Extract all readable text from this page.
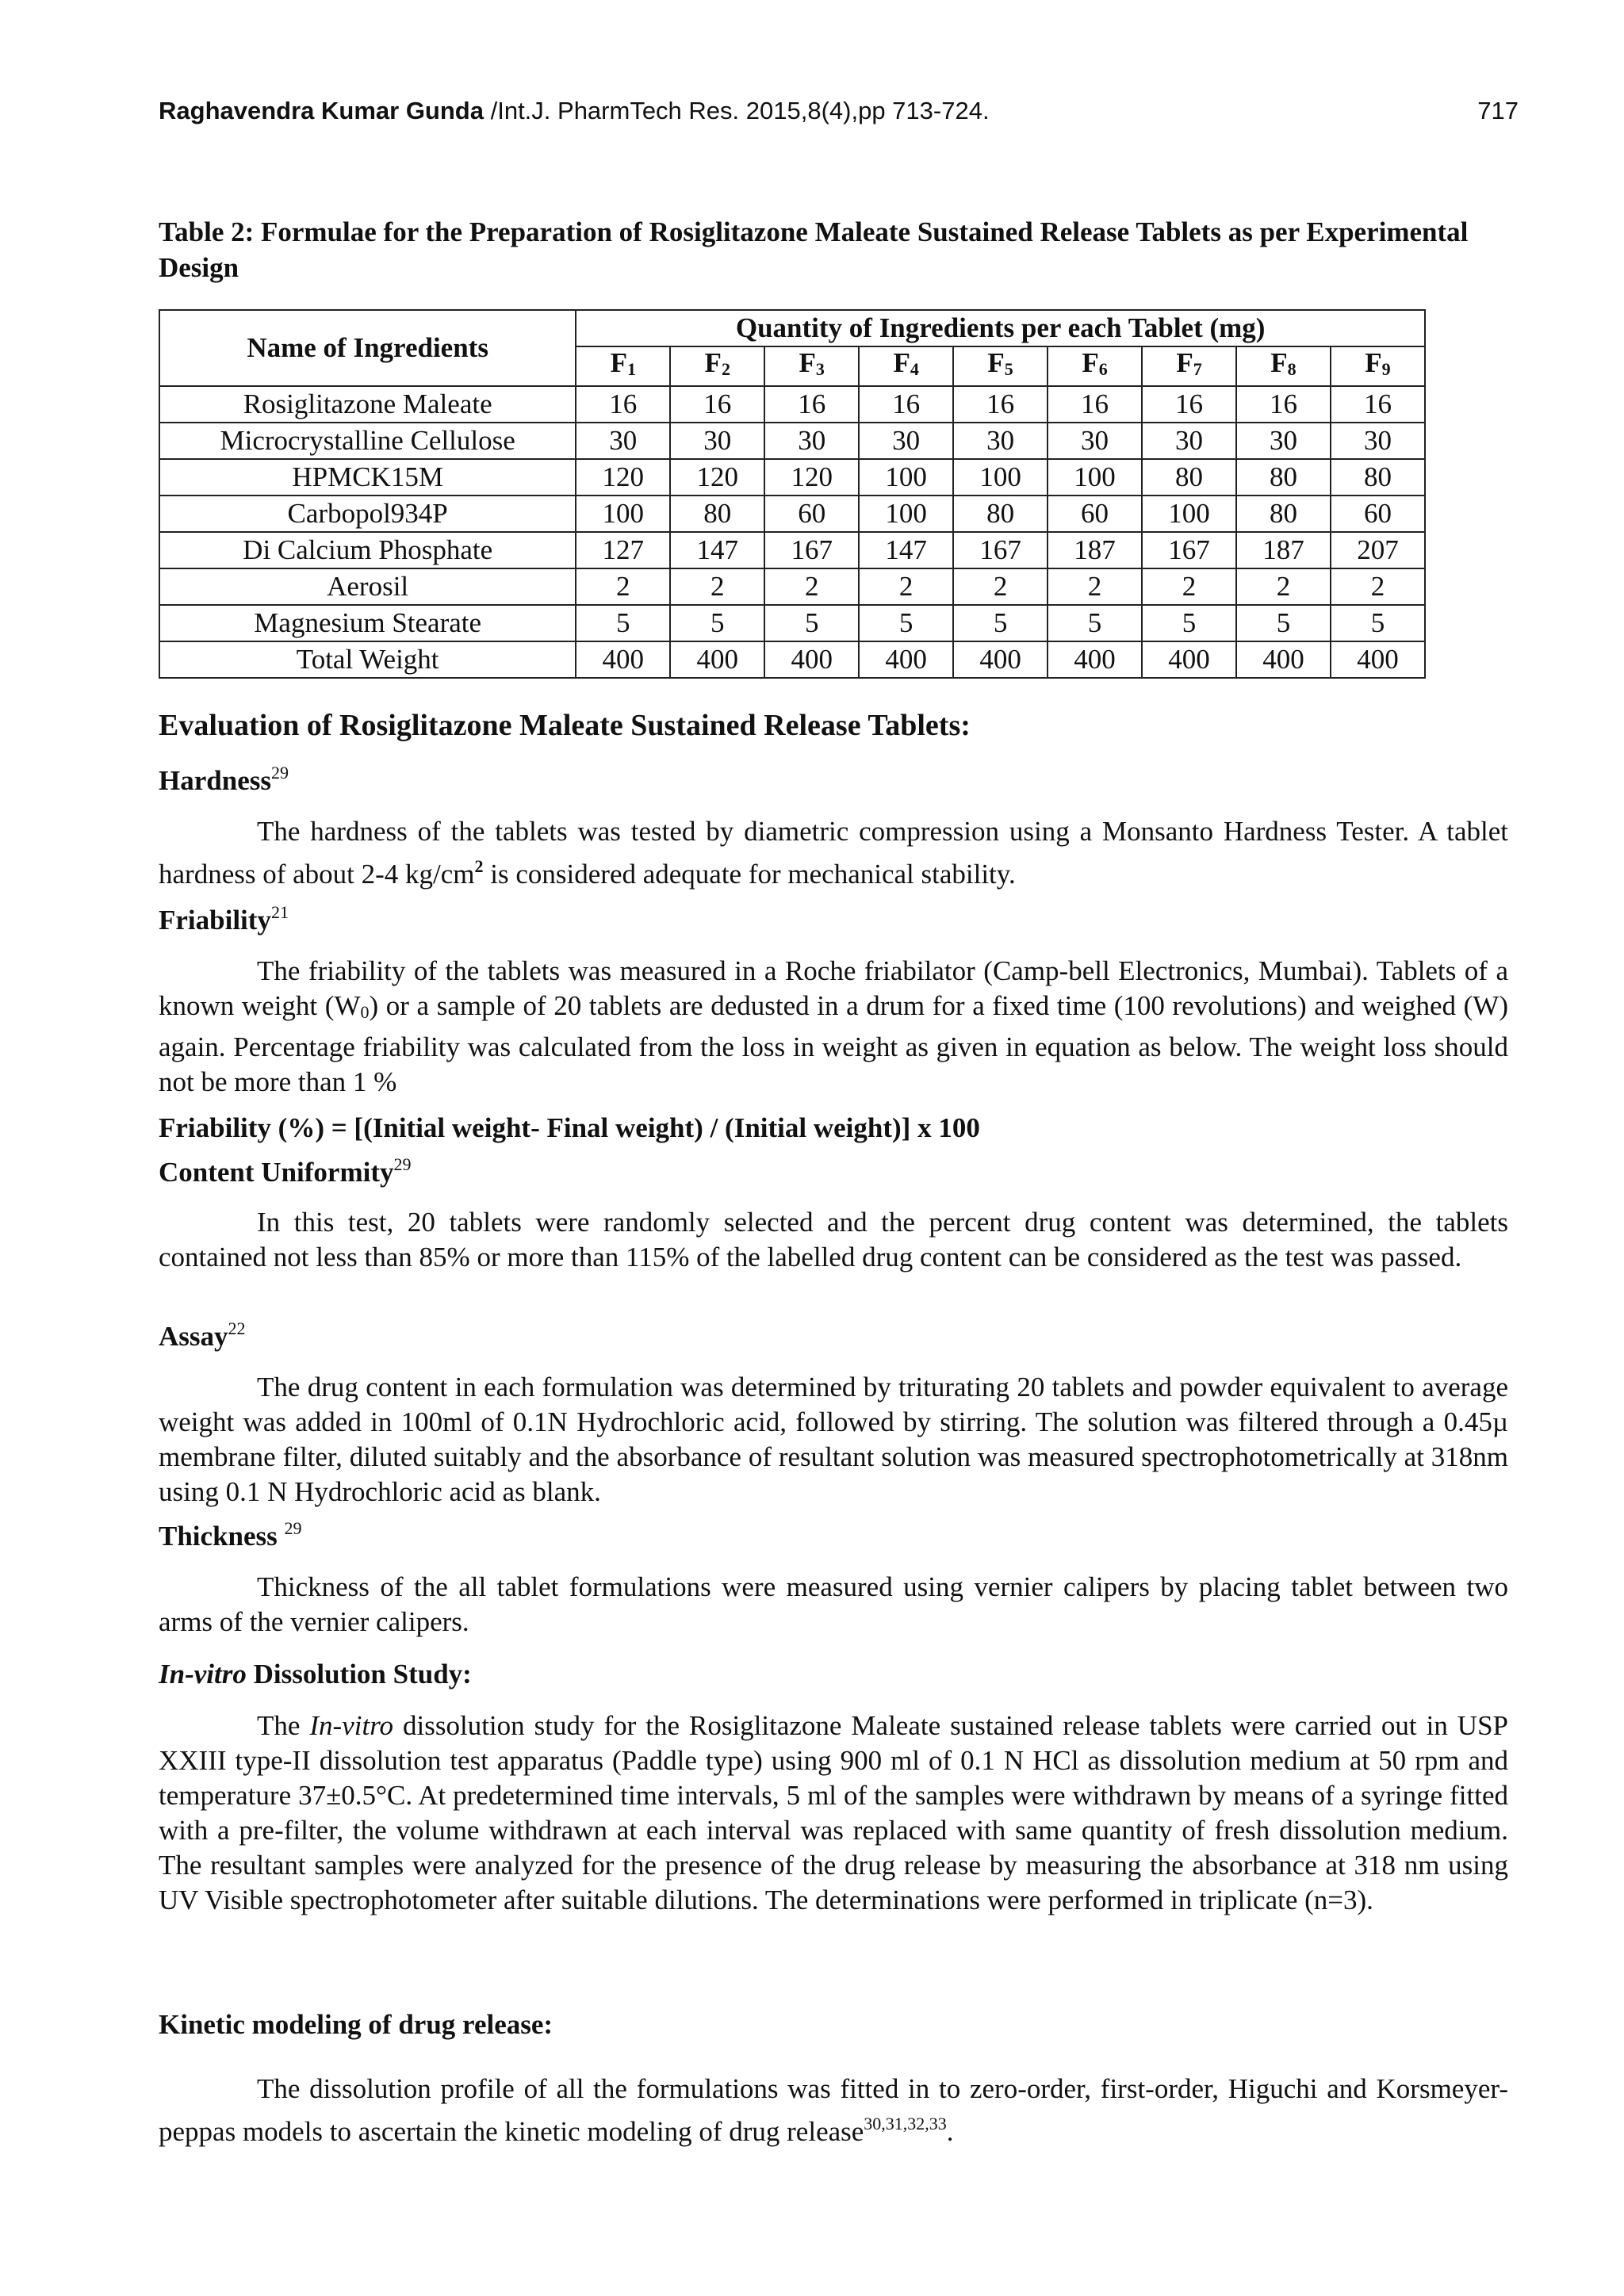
Raghavendra Kumar Gunda /Int.J. PharmTech Res. 2015,8(4),pp 713-724.	717
Table 2: Formulae for the Preparation of Rosiglitazone Maleate Sustained Release Tablets as per Experimental Design
Name of Ingredients	Quantity of Ingredients per each Tablet (mg)								
	$F_1$	$F_2$	$F_3$	$F_4$	$F_5$	$F_6$	$F_7$	$F_8$	$F_9$
Rosiglitazone Maleate	16	16	16	16	16	16	16	16	16
Microcrystalline Cellulose	30	30	30	30	30	30	30	30	30
HPMCK15M	120	120	120	100	100	100	80	80	80
Carbopol934P	100	80	60	100	80	60	100	80	60
Di Calcium Phosphate	127	147	167	147	167	187	167	187	207
Aerosil	2	2	2	2	2	2	2	2	2
Magnesium Stearate	5	5	5	5	5	5	5	5	5
Total Weight	400	400	400	400	400	400	400	400	400
Evaluation of Rosiglitazone Maleate Sustained Release Tablets:
Hardness$^{29}$
The hardness of the tablets was tested by diametric compression using a Monsanto Hardness Tester. A tablet hardness of about 2-4 $kg/cm^2$ is considered adequate for mechanical stability.
Friability$^{21}$
The friability of the tablets was measured in a Roche friabilator (Camp-bell Electronics, Mumbai). Tablets of a known weight $(W_0)$ or a sample of 20 tablets are dedusted in a drum for a fixed time (100 revolutions) and weighed (W) again. Percentage friability was calculated from the loss in weight as given in equation as below. The weight loss should not be more than 1 %
Friability (%) = [(Initial weight- Final weight) / (Initial weight)] x 100
Content Uniformity$^{29}$
In this test, 20 tablets were randomly selected and the percent drug content was determined, the tablets contained not less than 85% or more than 115% of the labelled drug content can be considered as the test was passed.
Assay$^{22}$
The drug content in each formulation was determined by triturating 20 tablets and powder equivalent to average weight was added in 100ml of 0.1N Hydrochloric acid, followed by stirring. The solution was filtered through a 0.45µ membrane filter, diluted suitably and the absorbance of resultant solution was measured spectrophotometrically at 318nm using 0.1 N Hydrochloric acid as blank.
Thickness $^{29}$
Thickness of the all tablet formulations were measured using vernier calipers by placing tablet between two arms of the vernier calipers.
In-vitro Dissolution Study:
The In-vitro dissolution study for the Rosiglitazone Maleate sustained release tablets were carried out in USP XXIII type-II dissolution test apparatus (Paddle type) using 900 ml of 0.1 N HCl as dissolution medium at 50 rpm and temperature 37±0.5°C. At predetermined time intervals, 5 ml of the samples were withdrawn by means of a syringe fitted with a pre-filter, the volume withdrawn at each interval was replaced with same quantity of fresh dissolution medium. The resultant samples were analyzed for the presence of the drug release by measuring the absorbance at 318 nm using UV Visible spectrophotometer after suitable dilutions. The determinations were performed in triplicate (n=3).
Kinetic modeling of drug release:
The dissolution profile of all the formulations was fitted in to zero-order, first-order, Higuchi and Korsmeyer-peppas models to ascertain the kinetic modeling of drug release$^{30,31,32,33}$.
